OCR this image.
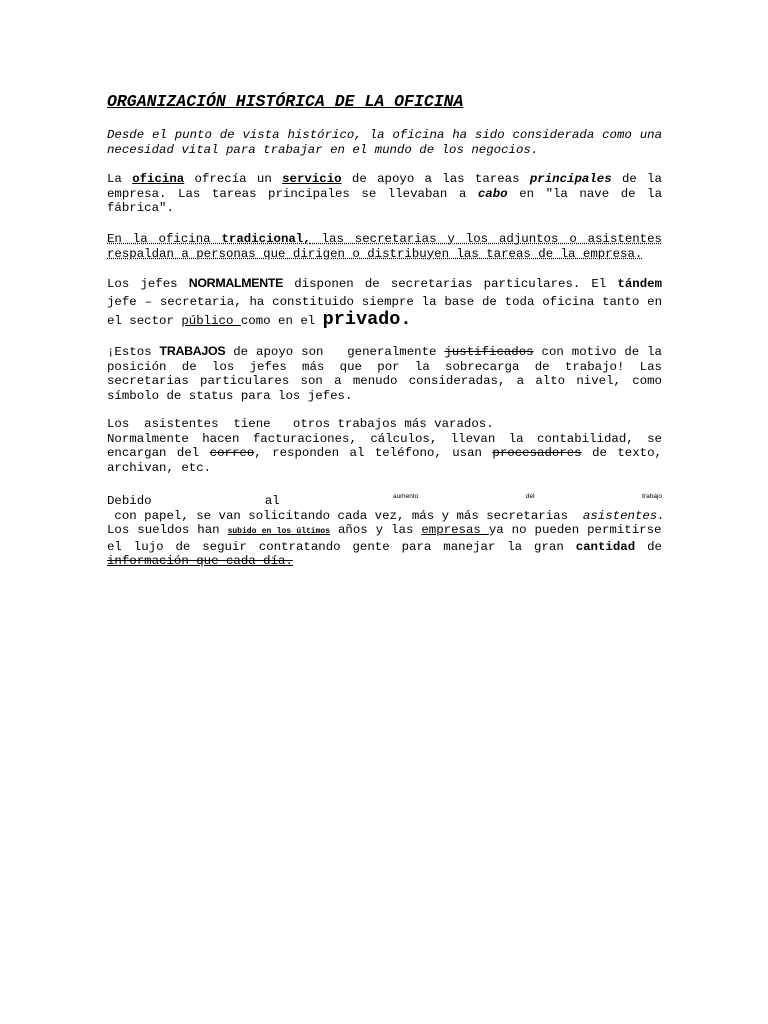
ORGANIZACIÓN HISTÓRICA DE LA OFICINA

Desde el punto de vista histórico, la oficina ha sido considerada como una necesidad vital para trabajar en el mundo de los negocios.

La oficina ofrecía un servicio de apoyo a las tareas principales de la empresa. Las tareas principales se llevaban a cabo en "la nave de la fábrica".

En la oficina tradicional, las secretarias y los adjuntos o asistentes respaldan a personas que dirigen o distribuyen las tareas de la empresa.

Los jefes NORMALMENTE disponen de secretarias particulares. El tándem jefe – secretaria, ha constituido siempre la base de toda oficina tanto en el sector público como en el privado.

¡Estos TRABAJOS de apoyo son   generalmente justificados con motivo de la posición de los jefes más que por la sobrecarga de trabajo! Las secretarias particulares son a menudo consideradas, a alto nivel, como símbolo de status para los jefes.

Los  asistentes  tiene   otros trabajos más varados.
Normalmente hacen facturaciones, cálculos, llevan la contabilidad, se encargan del correo, responden al teléfono, usan procesadores de texto, archivan, etc.

Debido al $^{aumento del trabajo}$ con papel, se van solicitando cada vez, más y más secretarias  asistentes. Los sueldos han subido en los últimos años y las empresas ya no pueden permitirse el lujo de seguir contratando gente para manejar la gran cantidad de información que cada día.
